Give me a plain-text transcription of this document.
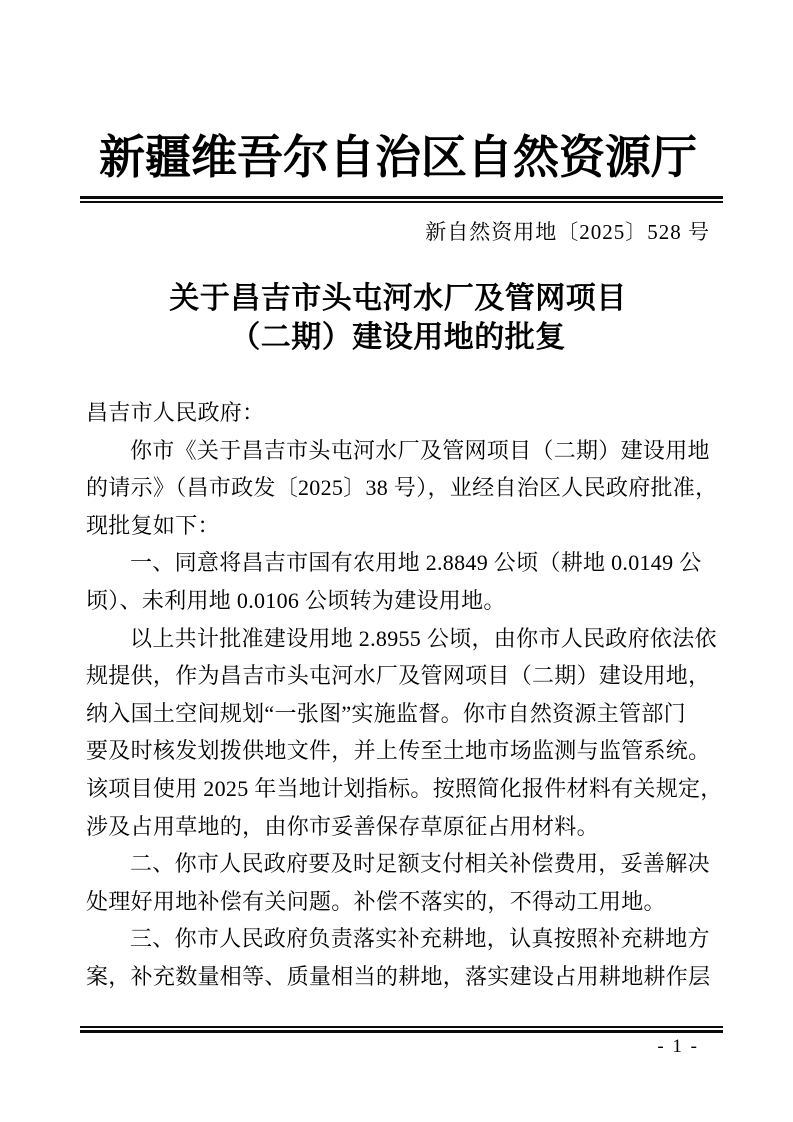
新疆维吾尔自治区自然资源厅
新自然资用地〔2025〕528 号
关于昌吉市头屯河水厂及管网项目
（二期）建设用地的批复
昌吉市人民政府：
你市《关于昌吉市头屯河水厂及管网项目（二期）建设用地
的请示》（昌市政发〔2025〕38 号），业经自治区人民政府批准，
现批复如下：
一、同意将昌吉市国有农用地 2.8849 公顷（耕地 0.0149 公
顷）、未利用地 0.0106 公顷转为建设用地。
以上共计批准建设用地 2.8955 公顷，由你市人民政府依法依
规提供，作为昌吉市头屯河水厂及管网项目（二期）建设用地，
纳入国土空间规划“一张图”实施监督。你市自然资源主管部门
要及时核发划拨供地文件，并上传至土地市场监测与监管系统。
该项目使用 2025 年当地计划指标。按照简化报件材料有关规定，
涉及占用草地的，由你市妥善保存草原征占用材料。
二、你市人民政府要及时足额支付相关补偿费用，妥善解决
处理好用地补偿有关问题。补偿不落实的，不得动工用地。
三、你市人民政府负责落实补充耕地，认真按照补充耕地方
案，补充数量相等、质量相当的耕地，落实建设占用耕地耕作层
- 1 -
